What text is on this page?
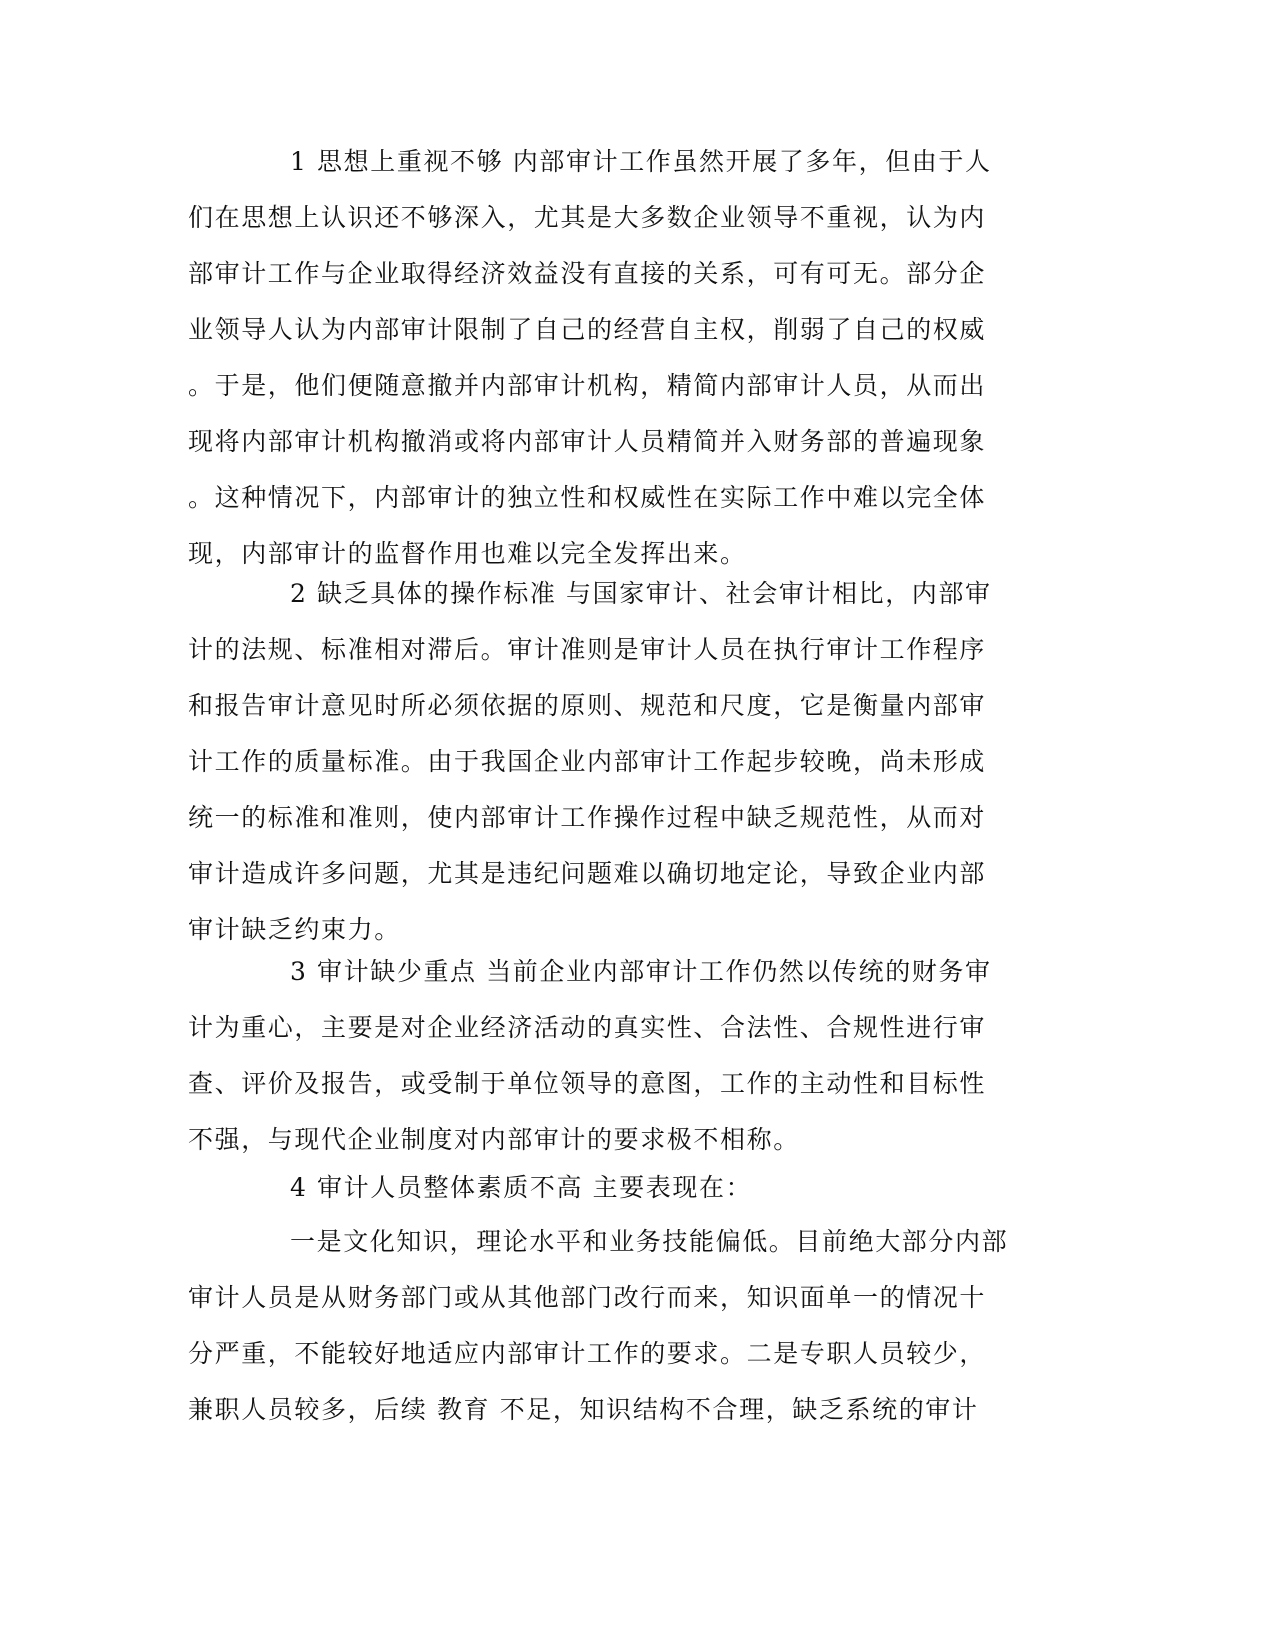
1 思想上重视不够 内部审计工作虽然开展了多年，但由于人
们在思想上认识还不够深入，尤其是大多数企业领导不重视，认为内
部审计工作与企业取得经济效益没有直接的关系，可有可无。部分企
业领导人认为内部审计限制了自己的经营自主权，削弱了自己的权威
。于是，他们便随意撤并内部审计机构，精简内部审计人员，从而出
现将内部审计机构撤消或将内部审计人员精简并入财务部的普遍现象
。这种情况下，内部审计的独立性和权威性在实际工作中难以完全体
现，内部审计的监督作用也难以完全发挥出来。
2 缺乏具体的操作标准 与国家审计、社会审计相比，内部审
计的法规、标准相对滞后。审计准则是审计人员在执行审计工作程序
和报告审计意见时所必须依据的原则、规范和尺度，它是衡量内部审
计工作的质量标准。由于我国企业内部审计工作起步较晚，尚未形成
统一的标准和准则，使内部审计工作操作过程中缺乏规范性，从而对
审计造成许多问题，尤其是违纪问题难以确切地定论，导致企业内部
审计缺乏约束力。
3 审计缺少重点 当前企业内部审计工作仍然以传统的财务审
计为重心，主要是对企业经济活动的真实性、合法性、合规性进行审
查、评价及报告，或受制于单位领导的意图，工作的主动性和目标性
不强，与现代企业制度对内部审计的要求极不相称。
4 审计人员整体素质不高 主要表现在：
一是文化知识，理论水平和业务技能偏低。目前绝大部分内部
审计人员是从财务部门或从其他部门改行而来，知识面单一的情况十
分严重，不能较好地适应内部审计工作的要求。二是专职人员较少，
兼职人员较多，后续 教育 不足，知识结构不合理，缺乏系统的审计
